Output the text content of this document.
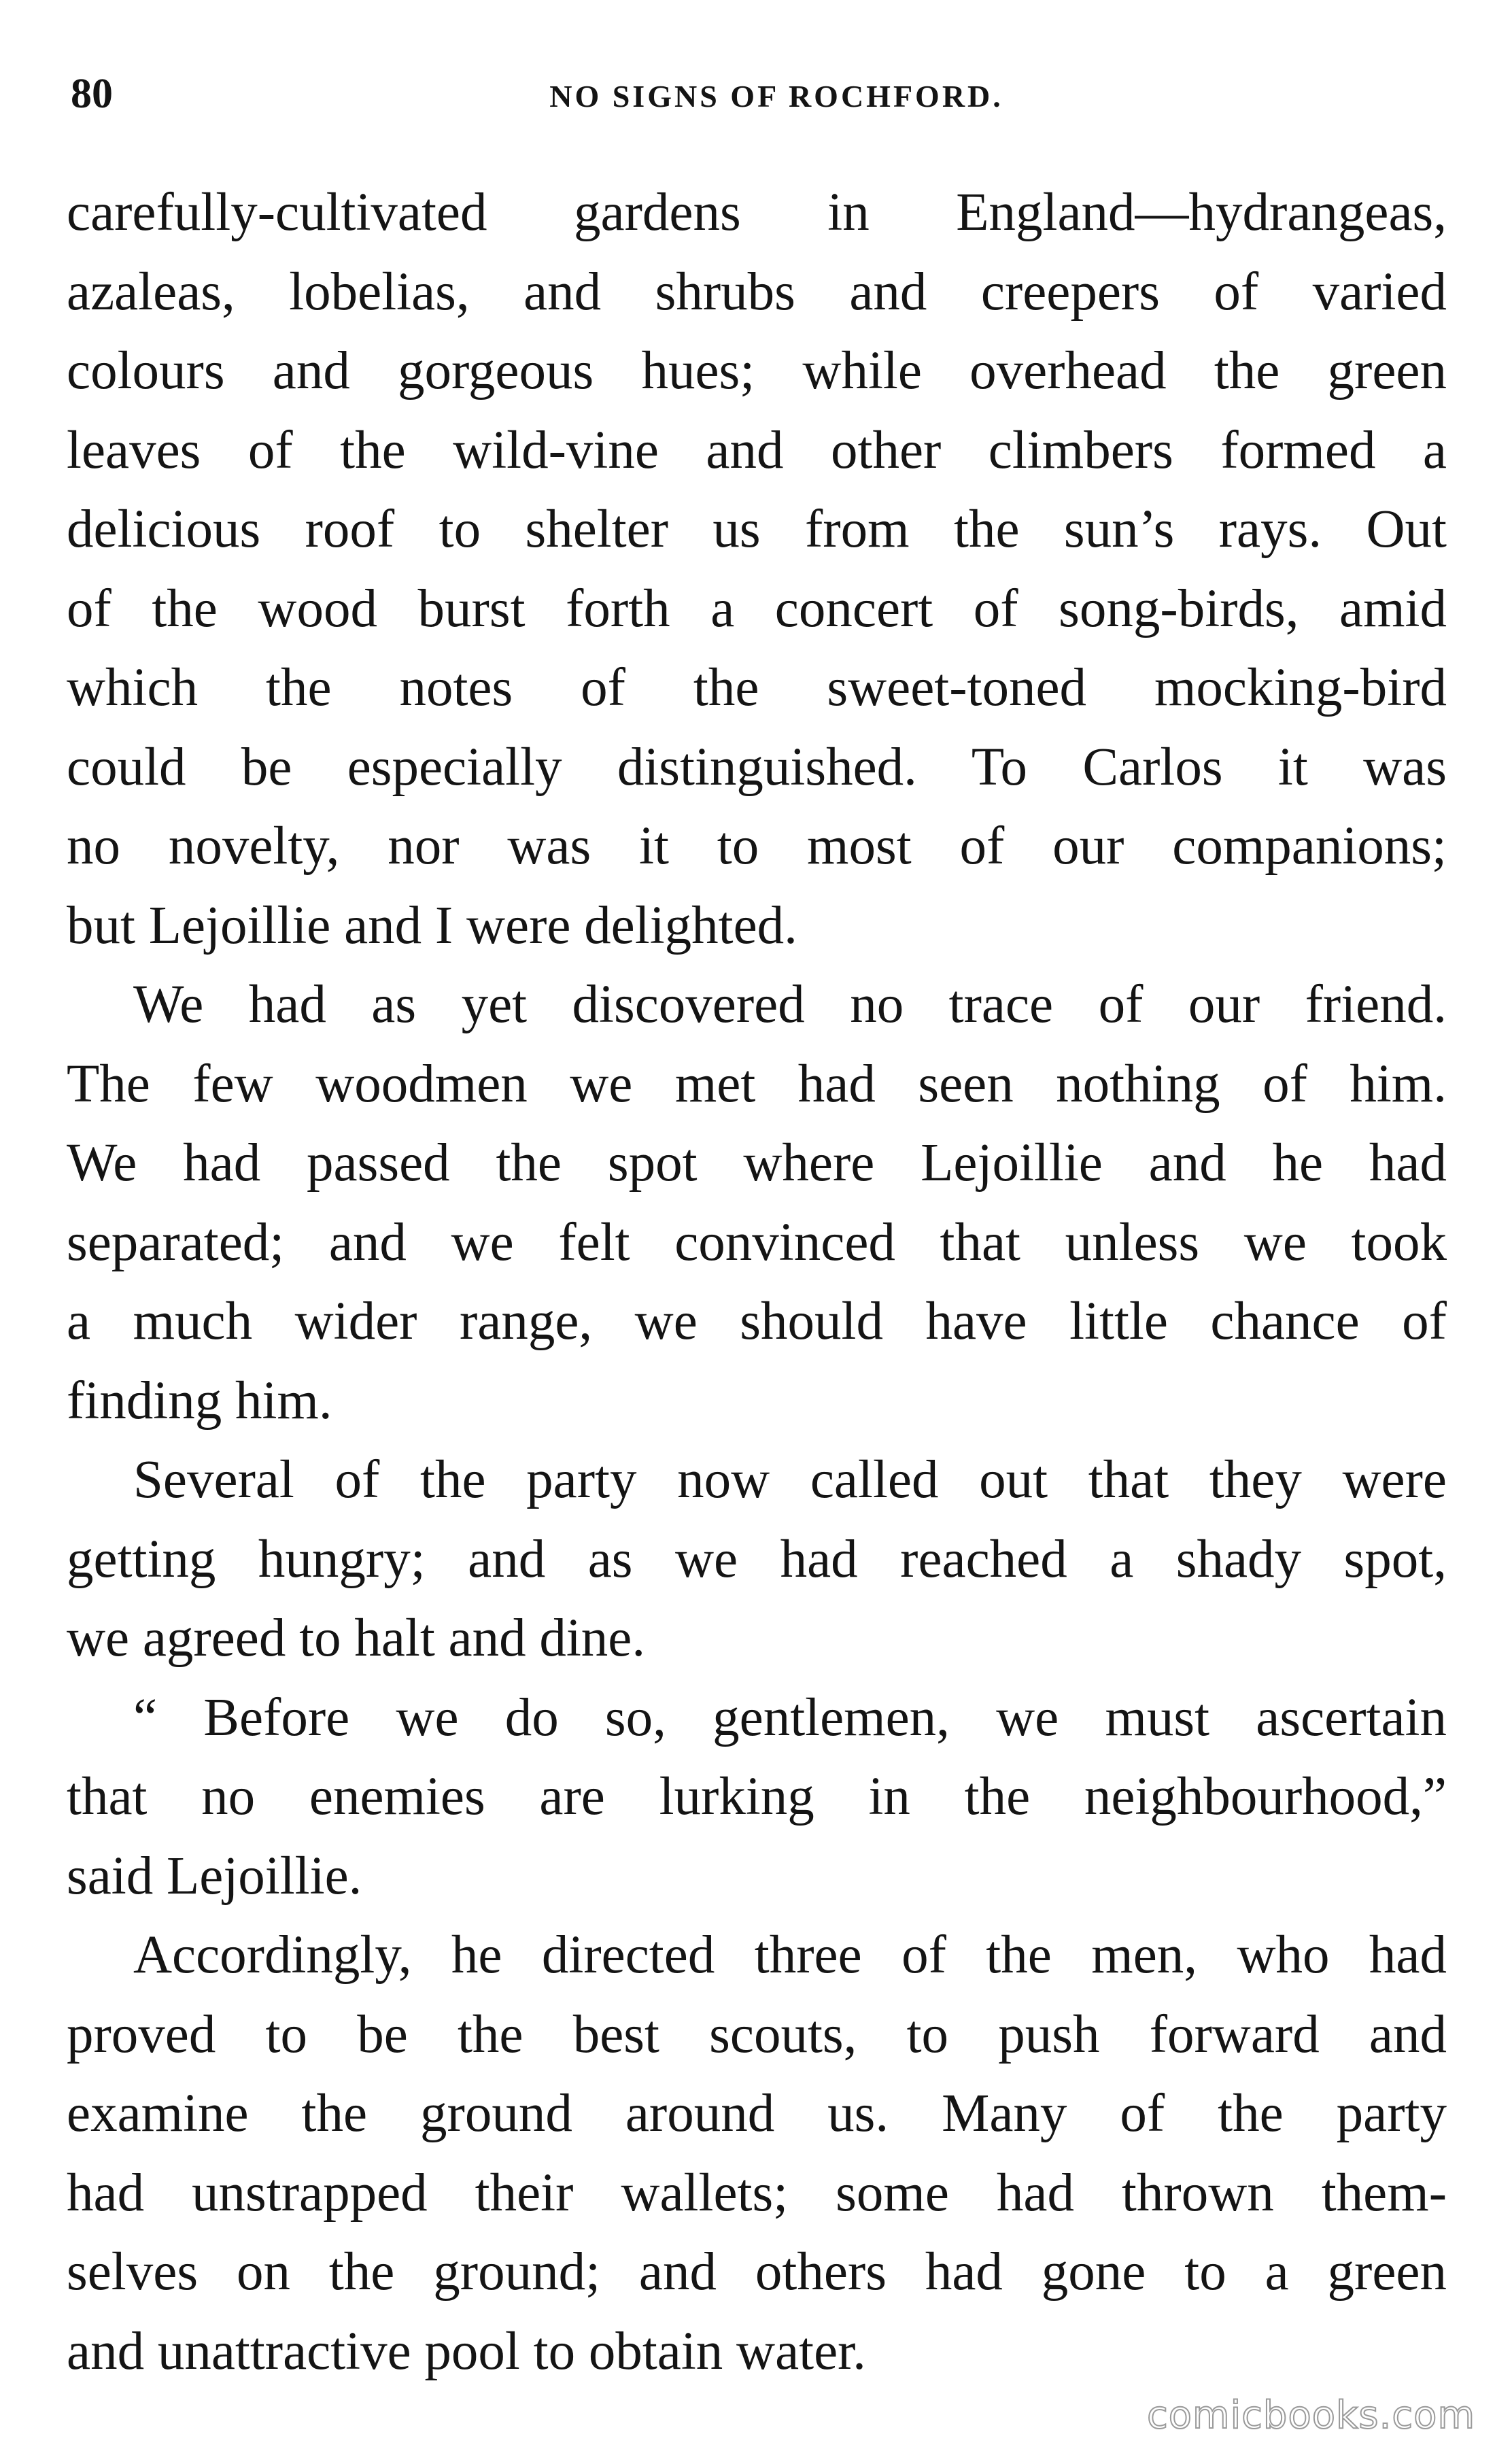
80	NO SIGNS OF ROCHFORD.
carefully-cultivated gardens in England—hydrangeas,
azaleas, lobelias, and shrubs and creepers of varied
colours and gorgeous hues; while overhead the green
leaves of the wild-vine and other climbers formed a
delicious roof to shelter us from the sun’s rays. Out
of the wood burst forth a concert of song-birds, amid
which the notes of the sweet-toned mocking-bird
could be especially distinguished. To Carlos it was
no novelty, nor was it to most of our companions;
but Lejoillie and I were delighted.
We had as yet discovered no trace of our friend.
The few woodmen we met had seen nothing of him.
We had passed the spot where Lejoillie and he had
separated; and we felt convinced that unless we took
a much wider range, we should have little chance of
finding him.
Several of the party now called out that they were
getting hungry; and as we had reached a shady spot,
we agreed to halt and dine.
“ Before we do so, gentlemen, we must ascertain
that no enemies are lurking in the neighbourhood,”
said Lejoillie.
Accordingly, he directed three of the men, who had
proved to be the best scouts, to push forward and
examine the ground around us. Many of the party
had unstrapped their wallets; some had thrown them-
selves on the ground; and others had gone to a green
and unattractive pool to obtain water.
comicbooks.com
